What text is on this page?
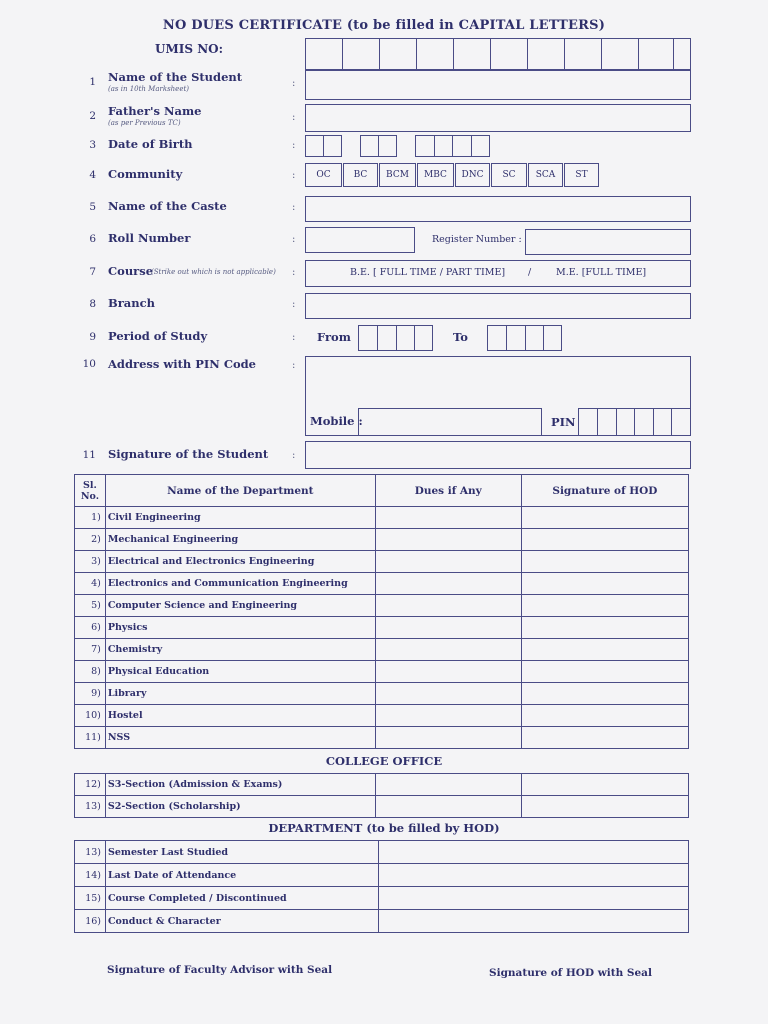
NO DUES CERTIFICATE (to be filled in CAPITAL LETTERS)
UMIS NO:
1 Name of the Student
(as in 10th Marksheet)	:
2 Father's Name
(as per Previous TC)	:
3 Date of Birth	:
4 Community	:	OC	BC	BCM	MBC	DNC	SC	SCA	ST
5 Name of the Caste	:
6 Roll Number	:	Register Number :
7 Course
(Strike out which is not applicable) :	B.E. [ FULL TIME / PART TIME] /	M.E. [FULL TIME]
8 Branch	:
9 Period of Study	: From	To
10 Address with PIN Code	:
Mobile :	PIN
11 Signature of the Student :
Sl. No.	Name of the Department	Dues if Any	Signature of HOD
1)	Civil Engineering		
2)	Mechanical Engineering		
3)	Electrical and Electronics Engineering		
4)	Electronics and Communication Engineering		
5)	Computer Science and Engineering		
6)	Physics		
7)	Chemistry		
8)	Physical Education		
9)	Library		
10)	Hostel		
11)	NSS		
COLLEGE OFFICE
12)	S3-Section (Admission & Exams)		
13)	S2-Section (Scholarship)		
DEPARTMENT (to be filled by HOD)
13)	Semester Last Studied	
14)	Last Date of Attendance	
15)	Course Completed / Discontinued	
16)	Conduct & Character	
Signature of Faculty Advisor with Seal	Signature of HOD with Seal
